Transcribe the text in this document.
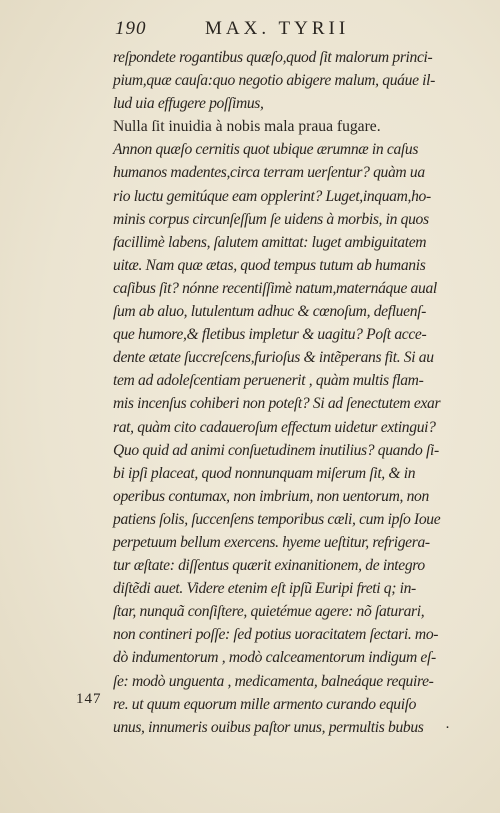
190	MAX. TYRII
reſpondete rogantibus quæſo,quod ſit malorum princi-
pium,quæ cauſa:quo negotio abigere malum, quáue il-
lud uia effugere poſſimus,
Nulla ſit inuidia à nobis mala praua fugare.
Annon quæſo cernitis quot ubique ærumnæ in caſus
humanos madentes,circa terram uerſentur? quàm ua
rio luctu gemitúque eam opplerint? Luget,inquam,ho-
minis corpus circunſeſſum ſe uidens à morbis, in quos
facillimè labens, ſalutem amittat: luget ambiguitatem
uitæ. Nam quæ ætas, quod tempus tutum ab humanis
caſibus ſit? nónne recentiſſimè natum,maternáque aual
ſum ab aluo, lutulentum adhuc & cœnoſum, defluenſ-
que humore,& fletibus impletur & uagitu? Poſt acce-
dente ætate ſuccreſcens,furioſus & intẽperans fit. Si au
tem ad adoleſcentiam peruenerit , quàm multis flam-
mis incenſus cohiberi non poteſt? Si ad ſenectutem exar
rat, quàm cito cadaueroſum effectum uidetur extingui?
Quo quid ad animi conſuetudinem inutilius? quando ſi-
bi ipſi placeat, quod nonnunquam miſerum ſit, & in
operibus contumax, non imbrium, non uentorum, non
patiens ſolis, ſuccenſens temporibus cæli, cum ipſo Ioue
perpetuum bellum exercens. hyeme ueſtitur, refrigera-
tur æſtate: diſſentus quærit exinanitionem, de integro
diſtẽdi auet. Videre etenim eſt ipſũ Euripi freti q; in-
ſtar, nunquã conſiſtere, quietémue agere: nõ ſaturari,
non contineri poſſe: ſed potius uoracitatem ſectari. mo-
dò indumentorum , modò calceamentorum indigum eſ-
ſe: modò unguenta , medicamenta, balneáque require-
re. ut quum equorum mille armento curando equiſo
unus, innumeris ouibus paſtor unus, permultis bubus
147
.
